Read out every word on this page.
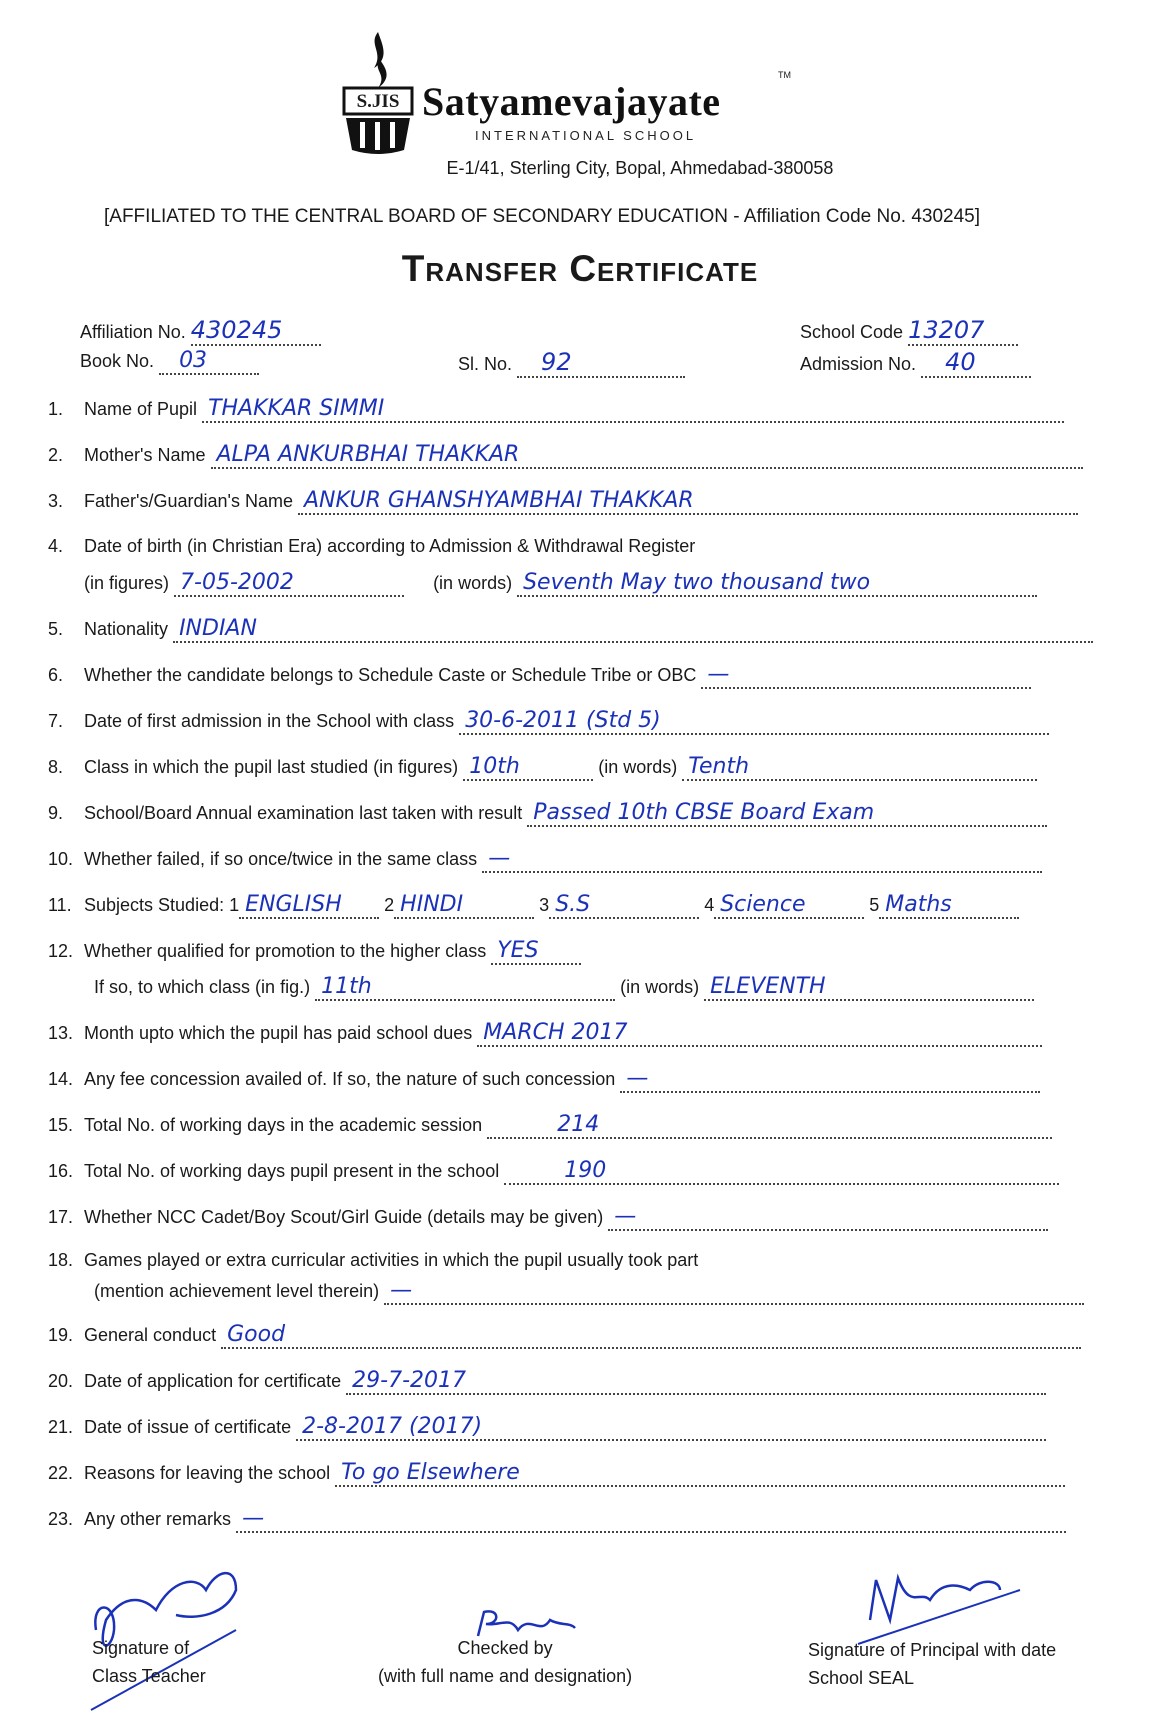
S.JIS Satyamevajayate
TM
INTERNATIONAL SCHOOL
E-1/41, Sterling City, Bopal, Ahmedabad-380058
[AFFILIATED TO THE CENTRAL BOARD OF SECONDARY EDUCATION - Affiliation Code No. 430245]
Transfer Certificate
Affiliation No. 430245	School Code 13207
Book No. 03	Sl. No. 92	Admission No. 40
1. Name of Pupil THAKKAR SIMMI
2. Mother's Name ALPA ANKURBHAI THAKKAR
3. Father's/Guardian's Name ANKUR GHANSHYAMBHAI THAKKAR
4. Date of birth (in Christian Era) according to Admission & Withdrawal Register
(in figures) 7-05-2002	(in words) Seventh May two thousand two
5. Nationality INDIAN
6. Whether the candidate belongs to Schedule Caste or Schedule Tribe or OBC —
7. Date of first admission in the School with class 30-6-2011 (Std 5)
8. Class in which the pupil last studied (in figures) 10th	(in words) Tenth
9. School/Board Annual examination last taken with result Passed 10th CBSE Board Exam
10. Whether failed, if so once/twice in the same class —
11. Subjects Studied: 1 ENGLISH 2 HINDI	3 S.S	4 Science	5 Maths
12. Whether qualified for promotion to the higher class YES
If so, to which class (in fig.) 11th	(in words) ELEVENTH
13. Month upto which the pupil has paid school dues MARCH 2017
14. Any fee concession availed of. If so, the nature of such concession —
15. Total No. of working days in the academic session	214
16. Total No. of working days pupil present in the school	190
17. Whether NCC Cadet/Boy Scout/Girl Guide (details may be given) —
18. Games played or extra curricular activities in which the pupil usually took part
(mention achievement level therein) —
19. General conduct Good
20. Date of application for certificate 29-7-2017
21. Date of issue of certificate 2-8-2017 (2017)
22. Reasons for leaving the school To go Elsewhere
23. Any other remarks —
Signature of
Class Teacher
Checked by
(with full name and designation)
Signature of Principal with date
School SEAL
